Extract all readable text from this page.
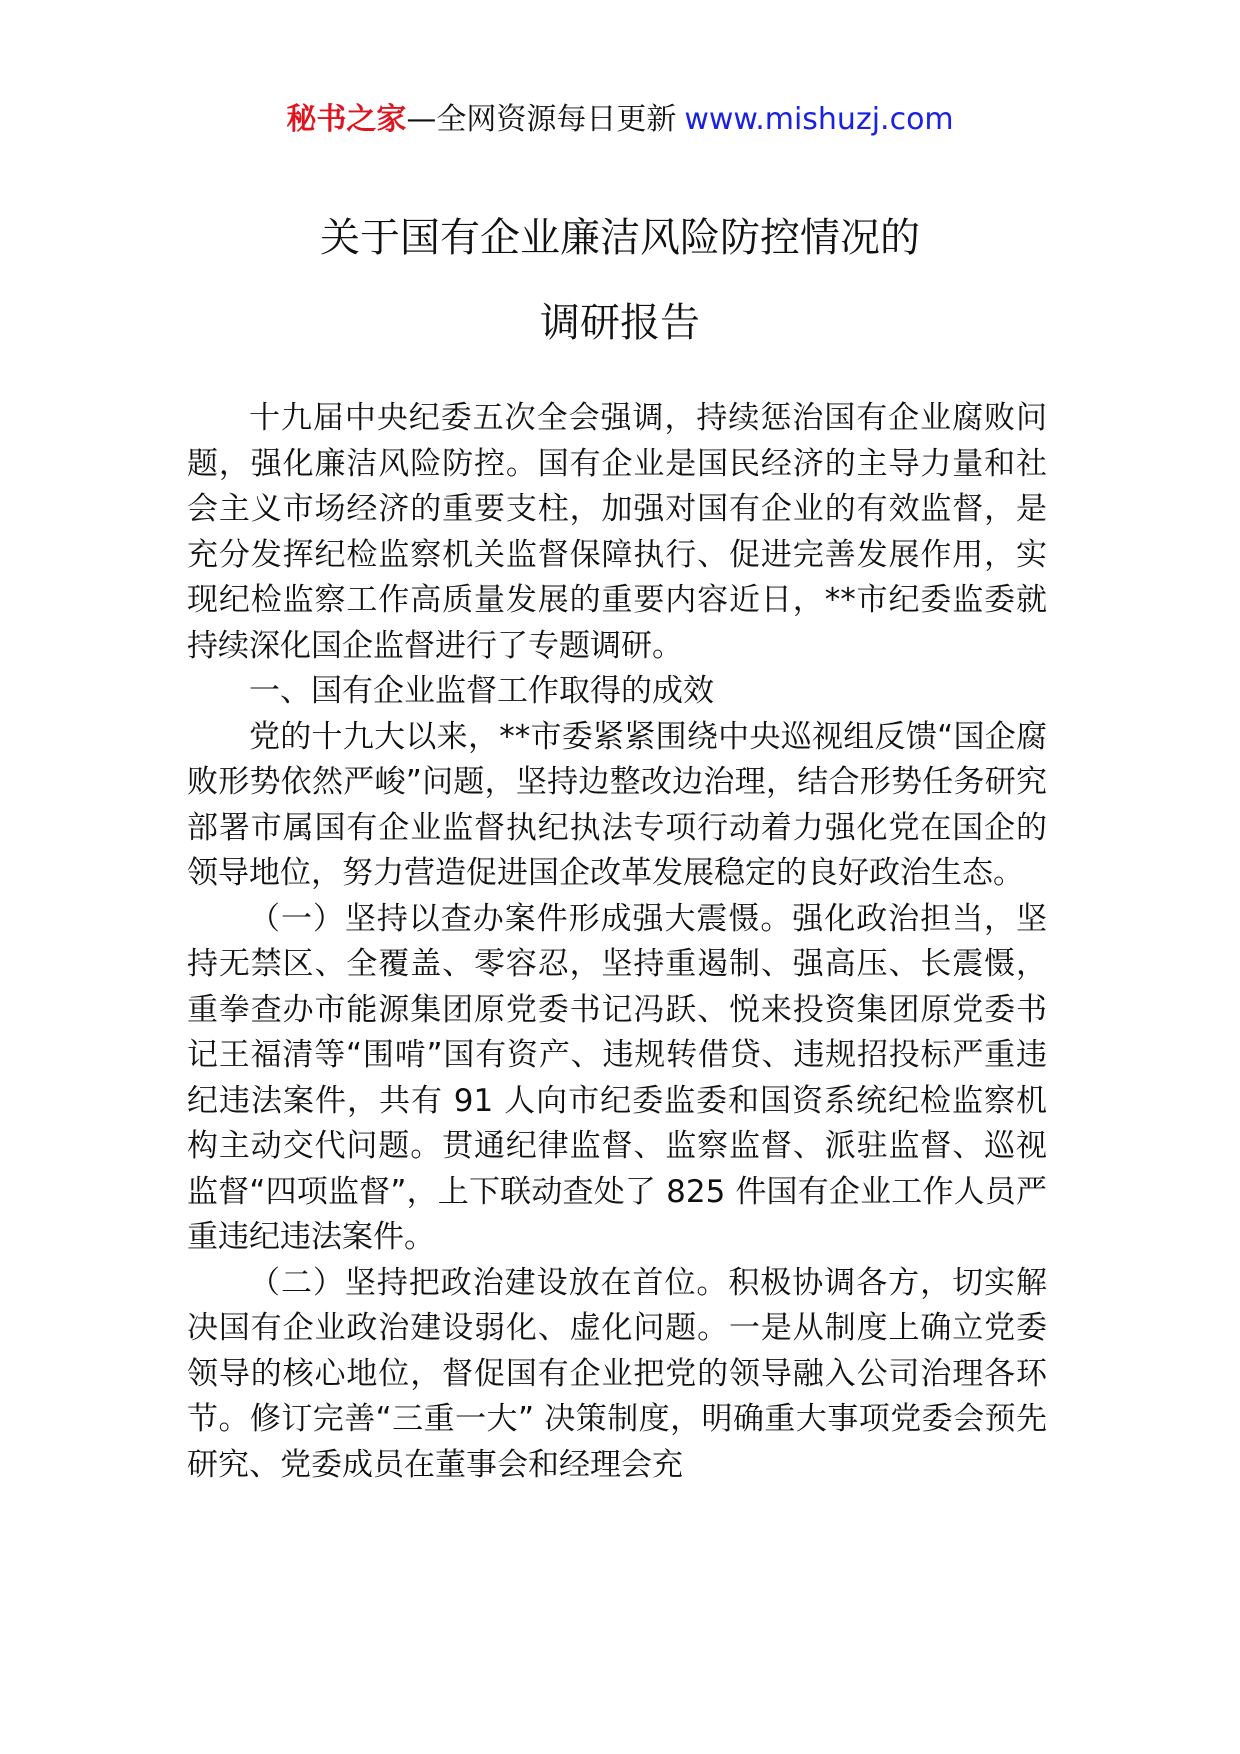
秘书之家—全网资源每日更新 www.mishuzj.com
关于国有企业廉洁风险防控情况的
调研报告

十九届中央纪委五次全会强调，持续惩治国有企业腐败问题，强化廉洁风险防控。国有企业是国民经济的主导力量和社会主义市场经济的重要支柱，加强对国有企业的有效监督，是充分发挥纪检监察机关监督保障执行、促进完善发展作用，实现纪检监察工作高质量发展的重要内容近日，**市纪委监委就持续深化国企监督进行了专题调研。

一、国有企业监督工作取得的成效

党的十九大以来，**市委紧紧围绕中央巡视组反馈“国企腐败形势依然严峻”问题，坚持边整改边治理，结合形势任务研究部署市属国有企业监督执纪执法专项行动着力强化党在国企的领导地位，努力营造促进国企改革发展稳定的良好政治生态。

（一）坚持以查办案件形成强大震慑。强化政治担当，坚持无禁区、全覆盖、零容忍，坚持重遏制、强高压、长震慑，重拳查办市能源集团原党委书记冯跃、悦来投资集团原党委书记王福清等“围啃”国有资产、违规转借贷、违规招投标严重违纪违法案件，共有 91 人向市纪委监委和国资系统纪检监察机构主动交代问题。贯通纪律监督、监察监督、派驻监督、巡视监督“四项监督”，上下联动查处了 825 件国有企业工作人员严重违纪违法案件。

（二）坚持把政治建设放在首位。积极协调各方，切实解决国有企业政治建设弱化、虚化问题。一是从制度上确立党委领导的核心地位，督促国有企业把党的领导融入公司治理各环节。修订完善“三重一大” 决策制度，明确重大事项党委会预先研究、党委成员在董事会和经理会充
